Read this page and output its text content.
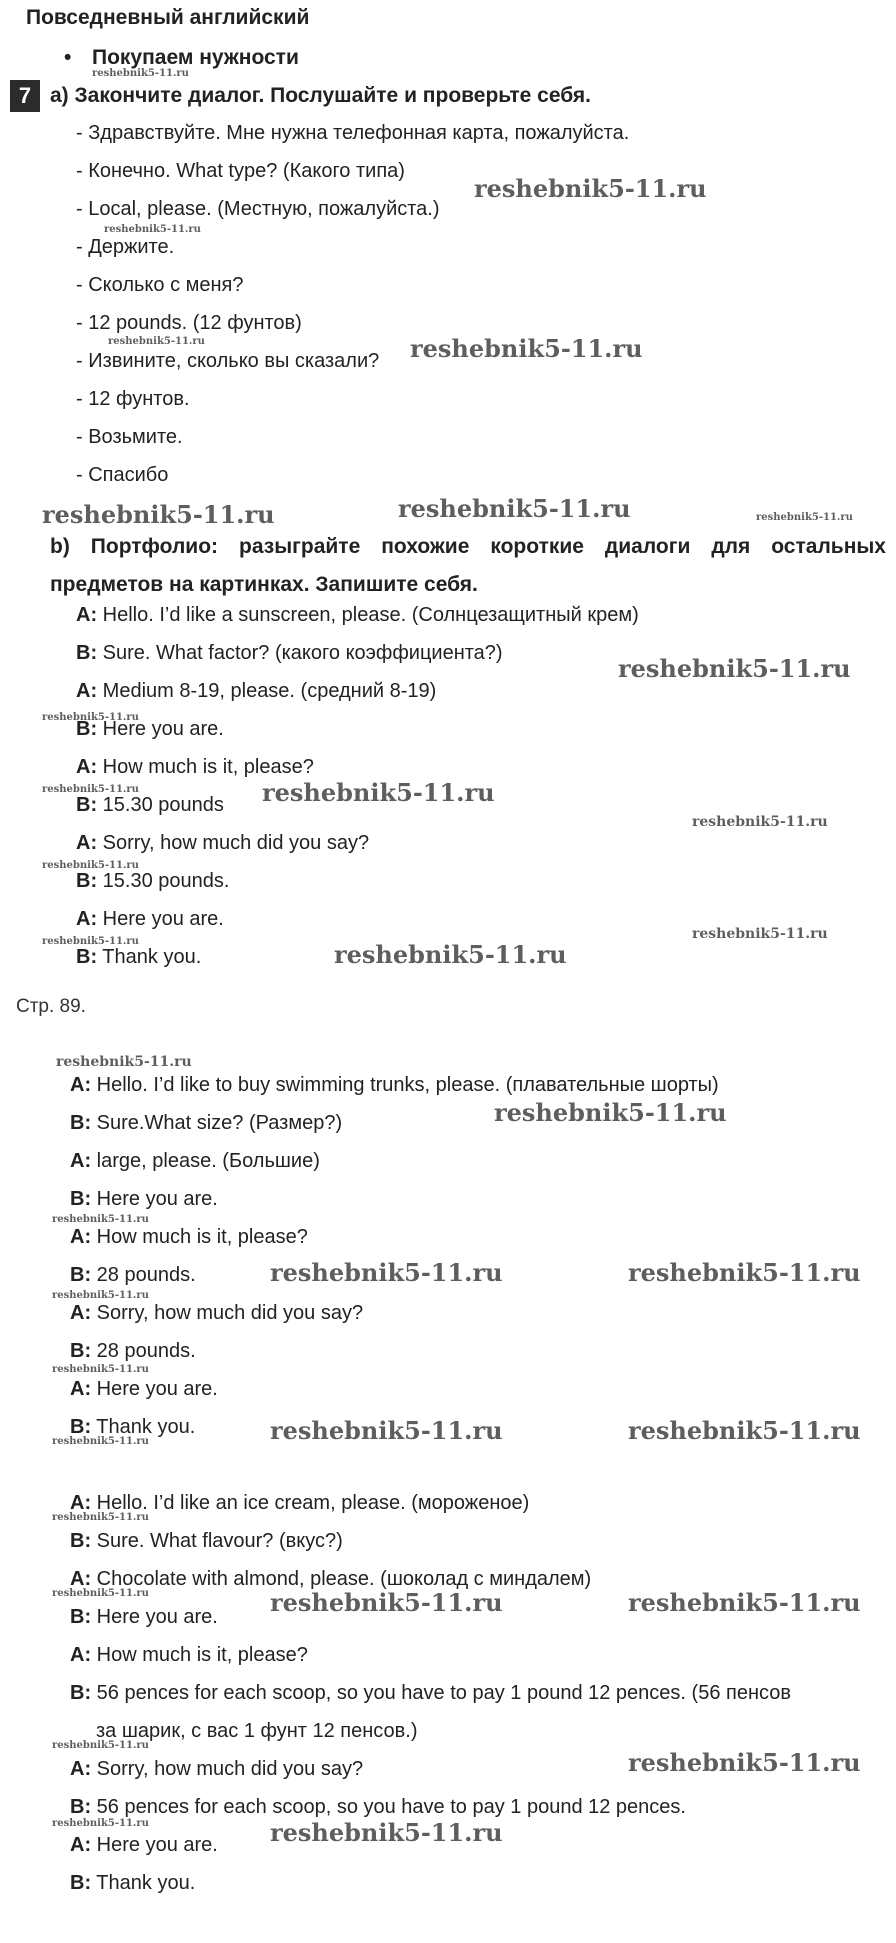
Повседневный английский
• Покупаем нужности
7 a) Закончите диалог. Послушайте и проверьте себя.
- Здравствуйте. Мне нужна телефонная карта, пожалуйста.
- Конечно. What type? (Какого типа)
- Local, please. (Местную, пожалуйста.)
- Держите.
- Сколько с меня?
- 12 pounds. (12 фунтов)
- Извините, сколько вы сказали?
- 12 фунтов.
- Возьмите.
- Спасибо
b) Портфолио: разыграйте похожие короткие диалоги для остальных предметов на картинках. Запишите себя.
A: Hello. I’d like a sunscreen, please. (Солнцезащитный крем)
B: Sure. What factor? (какого коэффициента?)
A: Medium 8-19, please. (средний 8-19)
B: Here you are.
A: How much is it, please?
B: 15.30 pounds
A: Sorry, how much did you say?
B: 15.30 pounds.
A: Here you are.
B: Thank you.
Стр. 89.
A: Hello. I’d like to buy swimming trunks, please. (плавательные шорты)
B: Sure.What size? (Размер?)
A: large, please. (Большие)
B: Here you are.
A: How much is it, please?
B: 28 pounds.
A: Sorry, how much did you say?
B: 28 pounds.
A: Here you are.
B: Thank you.
A: Hello. I’d like an ice cream, please. (мороженое)
B: Sure. What flavour? (вкус?)
A: Chocolate with almond, please. (шоколад с миндалем)
B: Here you are.
A: How much is it, please?
B: 56 pences for each scoop, so you have to pay 1 pound 12 pences. (56 пенсов
за шарик, с вас 1 фунт 12 пенсов.)
A: Sorry, how much did you say?
B: 56 pences for each scoop, so you have to pay 1 pound 12 pences.
A: Here you are.
B: Thank you.
reshebnik5-11.ru
reshebnik5-11.ru
reshebnik5-11.ru
reshebnik5-11.ru	reshebnik5-11.ru
reshebnik5-11.ru	reshebnik5-11.ru	reshebnik5-11.ru
reshebnik5-11.ru
reshebnik5-11.ru
reshebnik5-11.ru	reshebnik5-11.ru
reshebnik5-11.ru
reshebnik5-11.ru
reshebnik5-11.ru	reshebnik5-11.ru
reshebnik5-11.ru
reshebnik5-11.ru
reshebnik5-11.ru
reshebnik5-11.ru
reshebnik5-11.ru	reshebnik5-11.ru
reshebnik5-11.ru
reshebnik5-11.ru
reshebnik5-11.ru	reshebnik5-11.ru	reshebnik5-11.ru
reshebnik5-11.ru
reshebnik5-11.ru	reshebnik5-11.ru	reshebnik5-11.ru
reshebnik5-11.ru
reshebnik5-11.ru
reshebnik5-11.ru	reshebnik5-11.ru
